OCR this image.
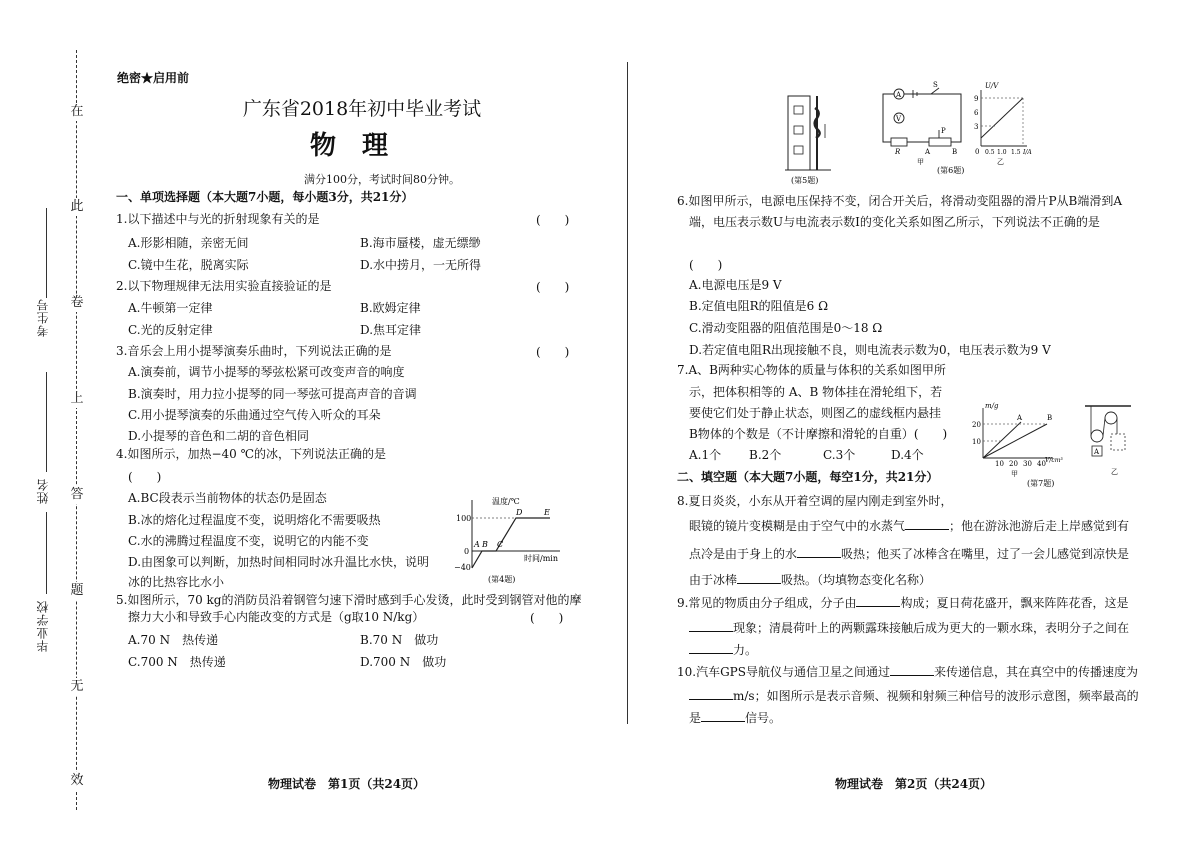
在
此
卷
上
答
题
无
效
考生号
姓名
毕业学校
绝密★启用前
广东省2018年初中毕业考试
物理
满分100分，考试时间80分钟。
一、单项选择题（本大题7小题，每小题3分，共21分）
1.以下描述中与光的折射现象有关的是	(　　)
A.形影相随，亲密无间	B.海市蜃楼，虚无缥缈
C.镜中生花，脱离实际	D.水中捞月，一无所得
2.以下物理规律无法用实验直接验证的是	(　　)
A.牛顿第一定律	B.欧姆定律
C.光的反射定律	D.焦耳定律
3.音乐会上用小提琴演奏乐曲时，下列说法正确的是	(　　)
A.演奏前，调节小提琴的琴弦松紧可改变声音的响度
B.演奏时，用力拉小提琴的同一琴弦可提高声音的音调
C.用小提琴演奏的乐曲通过空气传入听众的耳朵
D.小提琴的音色和二胡的音色相同
4.如图所示，加热−40 ℃的冰，下列说法正确的是
(　　)
A.BC段表示当前物体的状态仍是固态
B.冰的熔化过程温度不变，说明熔化不需要吸热
C.水的沸腾过程温度不变，说明它的内能不变
D.由图象可以判断，加热时间相同时冰升温比水快，说明
冰的比热容比水小
温度/℃
100
0
−40
A B C
D	E
时间/min
(第4题)
5.如图所示，70 kg的消防员沿着钢管匀速下滑时感到手心发烫，此时受到钢管对他的摩
擦力大小和导致手心内能改变的方式是（g取10 N/kg）	(　　)
A.70 N　热传递	B.70 N　做功
C.700 N　热传递	D.700 N　做功
物理试卷　第1页（共24页）
(第5题)
A
S
V
R
P
A	B
甲
U/V
9
6
3
0 0.5 1.0 1.5 I/A
乙
(第6题)
6.如图甲所示，电源电压保持不变，闭合开关后，将滑动变阻器的滑片P从B端滑到A
端，电压表示数U与电流表示数I的变化关系如图乙所示，下列说法不正确的是
(　　)
A.电源电压是9 V
B.定值电阻R的阻值是6 Ω
C.滑动变阻器的阻值范围是0～18 Ω
D.若定值电阻R出现接触不良，则电流表示数为0，电压表示数为9 V
7.A、B两种实心物体的质量与体积的关系如图甲所
示，把体积相等的 A、B 物体挂在滑轮组下，若
要使它们处于静止状态，则图乙的虚线框内悬挂
B物体的个数是（不计摩擦和滑轮的自重）(　　)
A.1个 B.2个	C.3个	D.4个
m/g
20
10
10 20 30 40 V/cm³
A	B
甲
A
乙
(第7题)
二、填空题（本大题7小题，每空1分，共21分）
8.夏日炎炎，小东从开着空调的屋内刚走到室外时，
眼镜的镜片变模糊是由于空气中的水蒸气	；他在游泳池游后走上岸感觉到有
点冷是由于身上的水	吸热；他买了冰棒含在嘴里，过了一会儿感觉到凉快是
由于冰棒	吸热。（均填物态变化名称）
9.常见的物质由分子组成，分子由	构成；夏日荷花盛开，飘来阵阵花香，这是
现象；清晨荷叶上的两颗露珠接触后成为更大的一颗水珠，表明分子之间在
力。
10.汽车GPS导航仪与通信卫星之间通过	来传递信息，其在真空中的传播速度为
m/s；如图所示是表示音频、视频和射频三种信号的波形示意图，频率最高的
是	信号。
物理试卷　第2页（共24页）
